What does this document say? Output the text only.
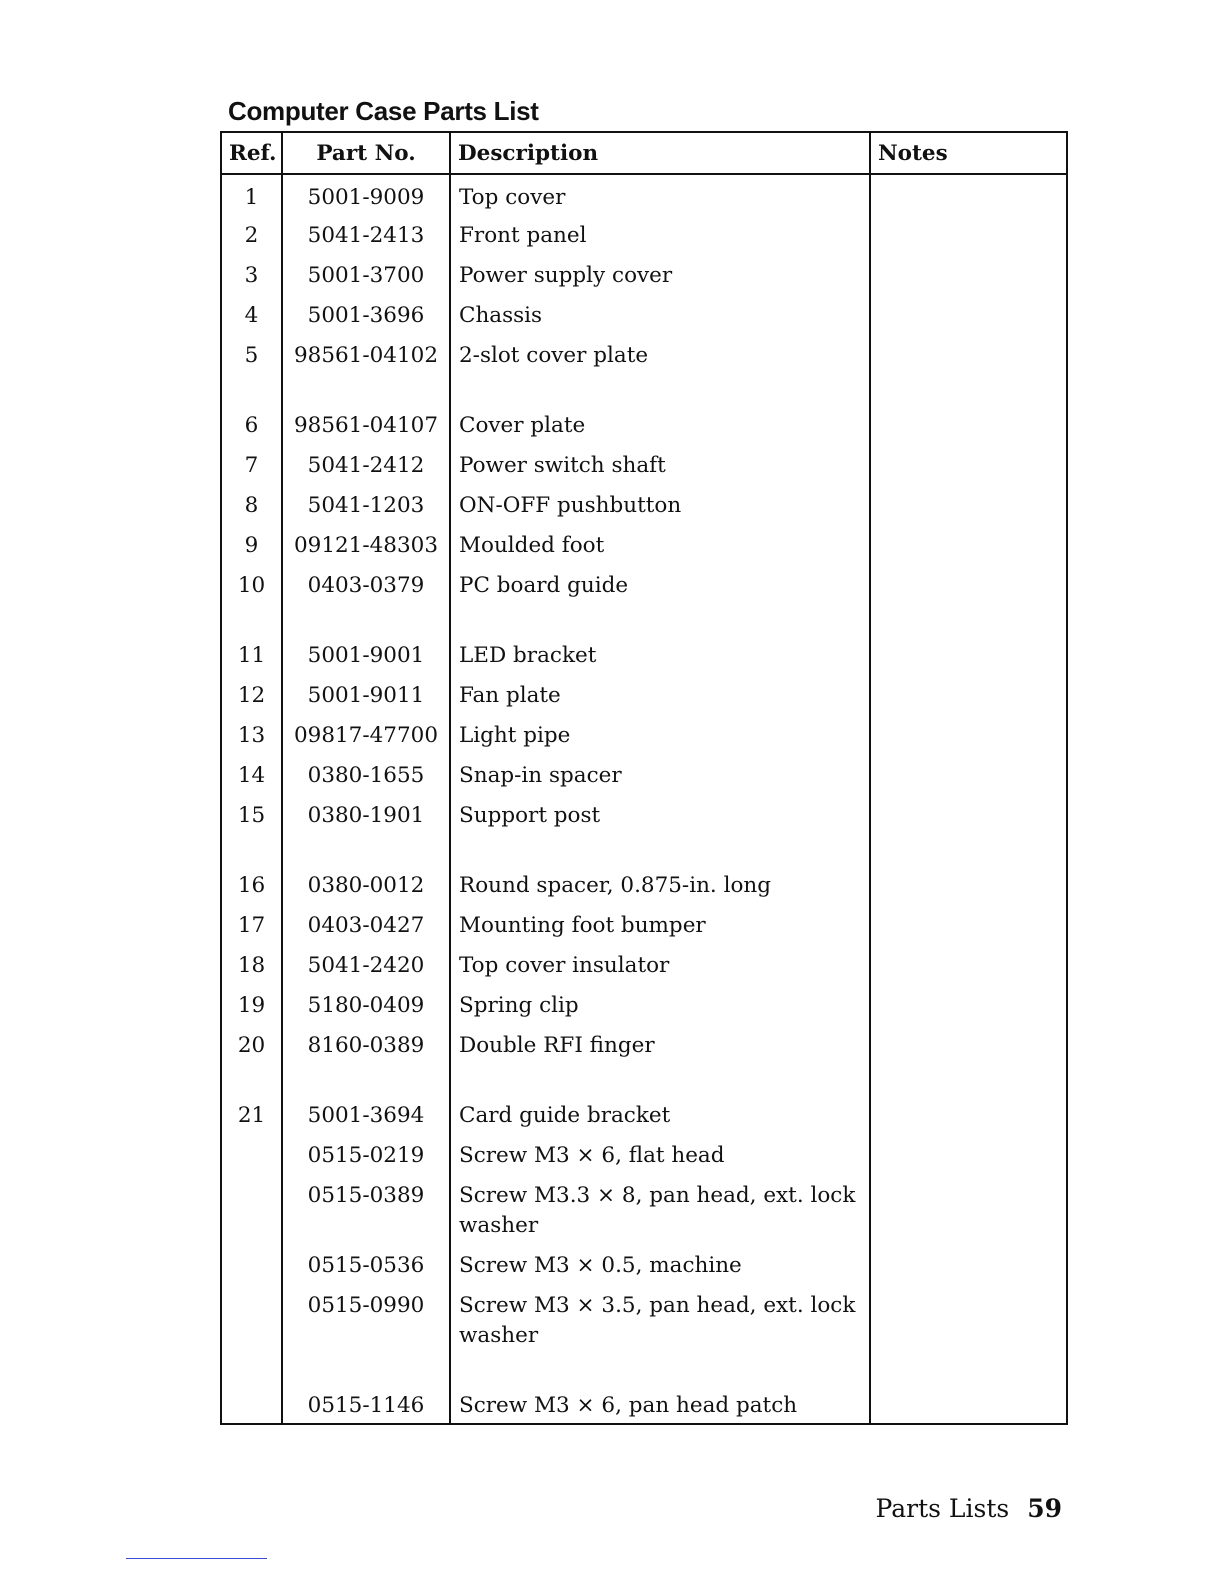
Computer Case Parts List
Ref.	Part No.	Description	Notes
1	5001-9009	Top cover	
2	5041-2413	Front panel	
3	5001-3700	Power supply cover	
4	5001-3696	Chassis	
5	98561-04102	2-slot cover plate	
6	98561-04107	Cover plate	
7	5041-2412	Power switch shaft	
8	5041-1203	ON-OFF pushbutton	
9	09121-48303	Moulded foot	
10	0403-0379	PC board guide	
11	5001-9001	LED bracket	
12	5001-9011	Fan plate	
13	09817-47700	Light pipe	
14	0380-1655	Snap-in spacer	
15	0380-1901	Support post	
16	0380-0012	Round spacer, 0.875-in. long	
17	0403-0427	Mounting foot bumper	
18	5041-2420	Top cover insulator	
19	5180-0409	Spring clip	
20	8160-0389	Double RFI finger	
21	5001-3694	Card guide bracket	
	0515-0219	Screw M3 × 6, flat head	
	0515-0389	Screw M3.3 × 8, pan head, ext. lock washer	
	0515-0536	Screw M3 × 0.5, machine	
	0515-0990	Screw M3 × 3.5, pan head, ext. lock washer	
	0515-1146	Screw M3 × 6, pan head patch	
Parts Lists 59
